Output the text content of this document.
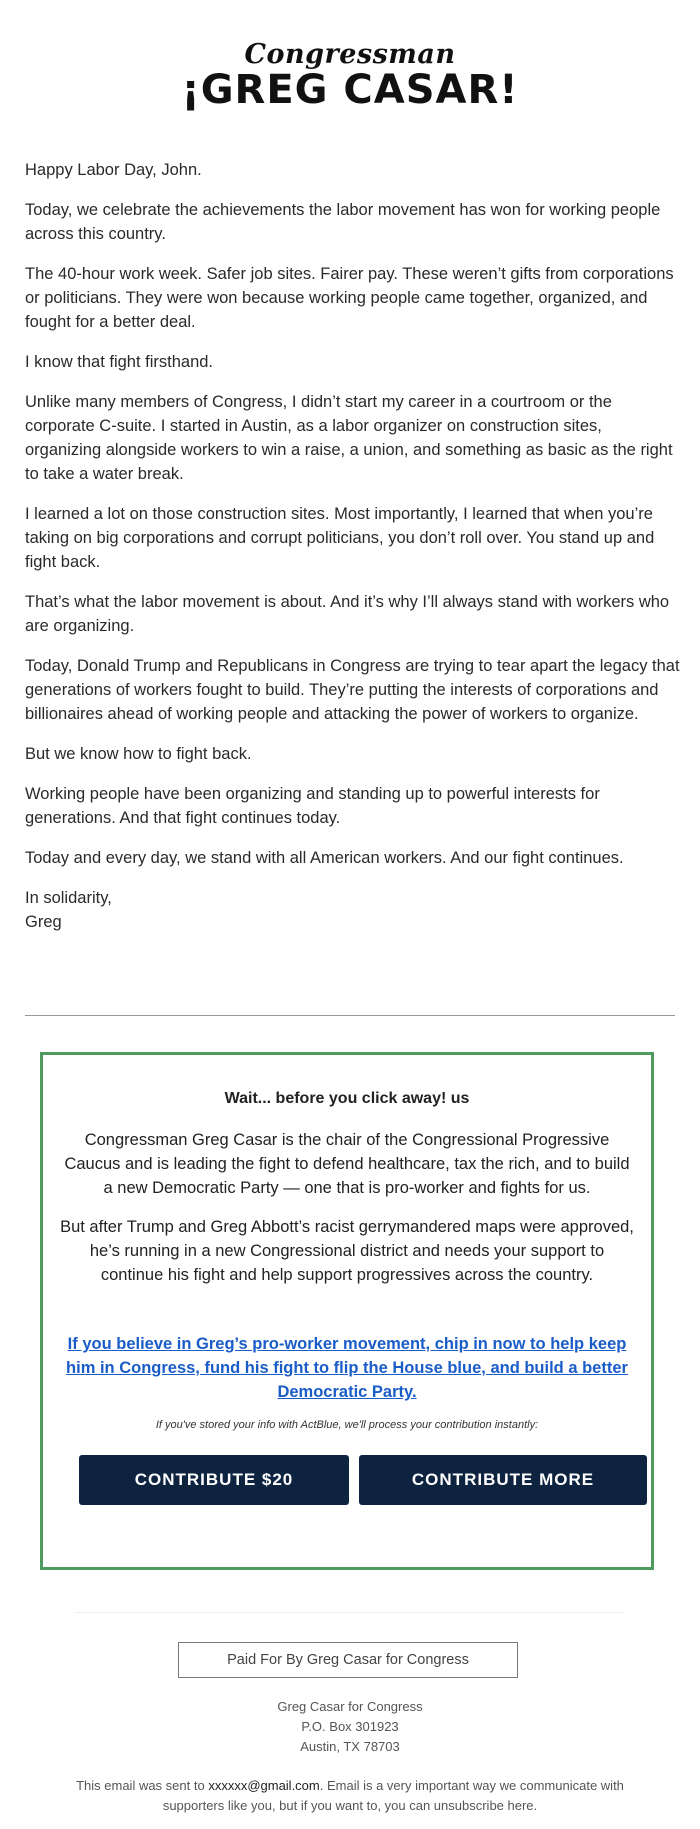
Congressman
¡GREG CASAR!

Happy Labor Day, John.

Today, we celebrate the achievements the labor movement has won for working people across this country.

The 40-hour work week. Safer job sites. Fairer pay. These weren’t gifts from corporations or politicians. They were won because working people came together, organized, and fought for a better deal.

I know that fight firsthand.

Unlike many members of Congress, I didn’t start my career in a courtroom or the corporate C-suite. I started in Austin, as a labor organizer on construction sites, organizing alongside workers to win a raise, a union, and something as basic as the right to take a water break.

I learned a lot on those construction sites. Most importantly, I learned that when you’re taking on big corporations and corrupt politicians, you don’t roll over. You stand up and fight back.

That’s what the labor movement is about. And it’s why I’ll always stand with workers who are organizing.

Today, Donald Trump and Republicans in Congress are trying to tear apart the legacy that generations of workers fought to build. They’re putting the interests of corporations and billionaires ahead of working people and attacking the power of workers to organize.

But we know how to fight back.

Working people have been organizing and standing up to powerful interests for generations. And that fight continues today.

Today and every day, we stand with all American workers. And our fight continues.

In solidarity,
Greg

Wait... before you click away! us
Congressman Greg Casar is the chair of the Congressional Progressive Caucus and is leading the fight to defend healthcare, tax the rich, and to build a new Democratic Party — one that is pro-worker and fights for us.
But after Trump and Greg Abbott’s racist gerrymandered maps were approved, he’s running in a new Congressional district and needs your support to continue his fight and help support progressives across the country.
If you believe in Greg’s pro-worker movement, chip in now to help keep him in Congress, fund his fight to flip the House blue, and build a better Democratic Party.
If you've stored your info with ActBlue, we'll process your contribution instantly:
CONTRIBUTE $20	CONTRIBUTE MORE
Paid For By Greg Casar for Congress
Greg Casar for Congress
P.O. Box 301923
Austin, TX 78703
This email was sent to xxxxxx@gmail.com. Email is a very important way we communicate with supporters like you, but if you want to, you can unsubscribe here.
